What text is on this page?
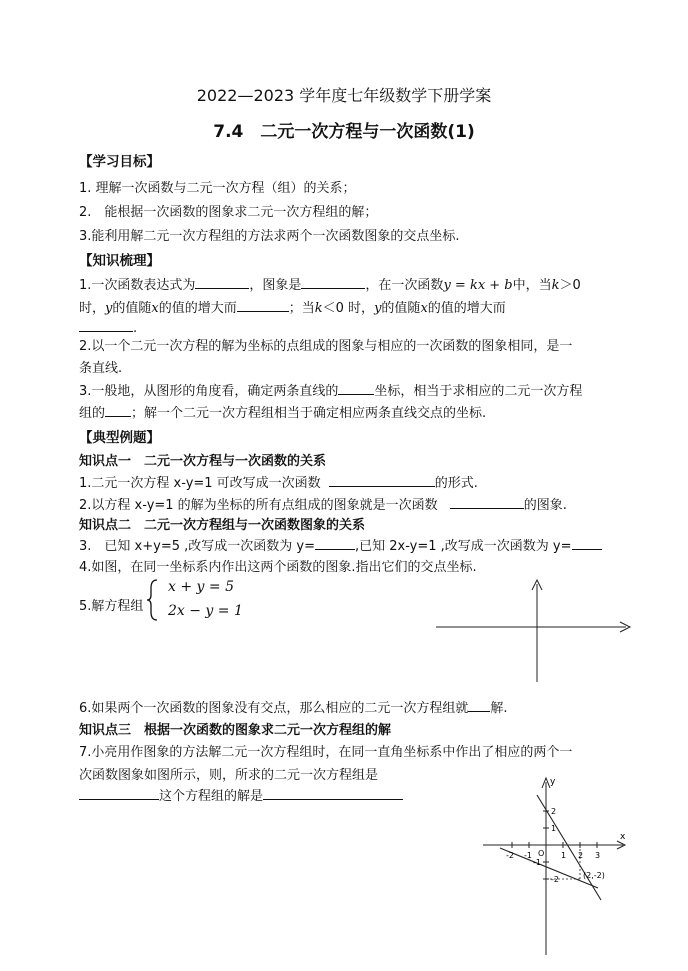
2022—2023 学年度七年级数学下册学案
7.4　二元一次方程与一次函数(1)
【学习目标】
1. 理解一次函数与二元一次方程（组）的关系；
2.　能根据一次函数的图象求二元一次方程组的解；
3.能利用解二元一次方程组的方法求两个一次函数图象的交点坐标.
【知识梳理】
1.一次函数表达式为	，图象是	，在一次函数y = kx + b中，当k＞0
时，y的值随x的值的增大而	；当k＜0 时，y的值随x的值的增大而
.
2.以一个二元一次方程的解为坐标的点组成的图象与相应的一次函数的图象相同，是一
条直线.
3.一般地，从图形的角度看，确定两条直线的	坐标，相当于求相应的二元一次方程
组的 ；解一个二元一次方程组相当于确定相应两条直线交点的坐标.
【典型例题】
知识点一　二元一次方程与一次函数的关系
1.二元一次方程 x-y=1 可改写成一次函数	的形式.
2.以方程 x-y=1 的解为坐标的所有点组成的图象就是一次函数	的图象.
知识点二　二元一次方程组与一次函数图象的关系
3.　已知 x+y=5 ,改写成一次函数为 y=	,已知 2x-y=1 ,改写成一次函数为 y=
4.如图，在同一坐标系内作出这两个函数的图象.指出它们的交点坐标.
5.解方程组
x + y = 5
2x − y = 1
6.如果两个一次函数的图象没有交点，那么相应的二元一次方程组就 解.
知识点三　根据一次函数的图象求二元一次方程组的解
7.小亮用作图象的方法解二元一次方程组时，在同一直角坐标系中作出了相应的两个一
次函数图象如图所示，则，所求的二元一次方程组是
这个方程组的解是
x
y
O
-2 -1	1 2 3
2
1
-1
-2	(2,-2)
